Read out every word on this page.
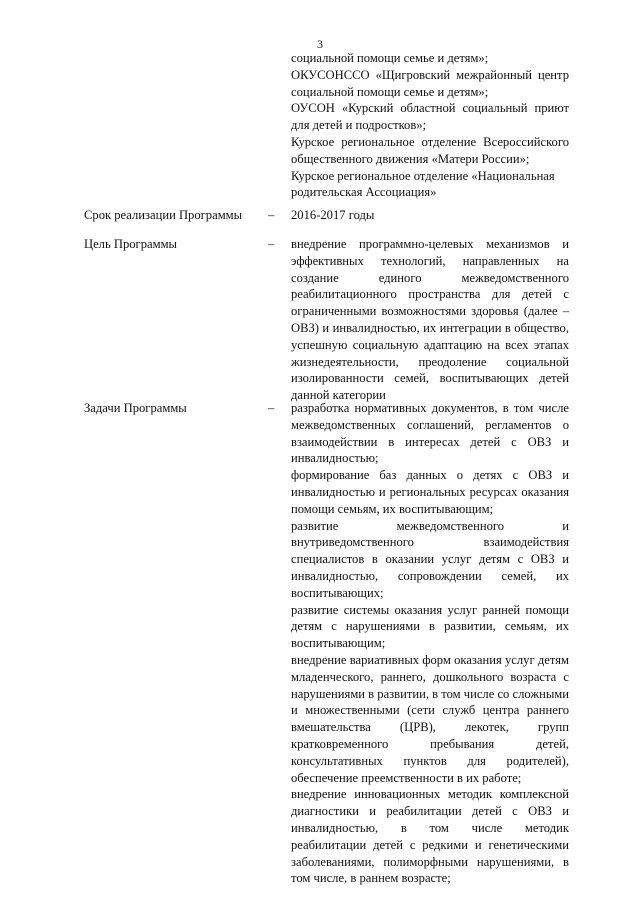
3

социальной помощи семье и детям»;

ОКУСОНССО «Щигровский межрайонный центр социальной помощи семье и детям»;

ОУСОН «Курский областной социальный приют для детей и подростков»;

Курское региональное отделение Всероссийского общественного движения «Матери России»;

Курское региональное отделение «Национальная родительская Ассоциация»

Срок реализации Программы – 2016-2017 годы

Цель Программы	– внедрение программно-целевых механизмов и эффективных технологий, направленных на создание единого межведомственного реабилитационного пространства для детей с ограниченными возможностями здоровья (далее – ОВЗ) и инвалидностью, их интеграции в общество, успешную социальную адаптацию на всех этапах жизнедеятельности, преодоление социальной изолированности семей, воспитывающих детей данной категории

Задачи Программы	– разработка нормативных документов, в том числе межведомственных соглашений, регламентов о взаимодействии в интересах детей с ОВЗ и инвалидностью;

формирование баз данных о детях с ОВЗ и инвалидностью и региональных ресурсах оказания помощи семьям, их воспитывающим;

развитие межведомственного и внутриведомственного взаимодействия специалистов в оказании услуг детям с ОВЗ и инвалидностью, сопровождении семей, их воспитывающих;

развитие системы оказания услуг ранней помощи детям с нарушениями в развитии, семьям, их воспитывающим;

внедрение вариативных форм оказания услуг детям младенческого, раннего, дошкольного возраста с нарушениями в развитии, в том числе со сложными и множественными (сети служб центра раннего вмешательства (ЦРВ), лекотек, групп кратковременного пребывания детей, консультативных пунктов для родителей), обеспечение преемственности в их работе;

внедрение инновационных методик комплексной диагностики и реабилитации детей с ОВЗ и инвалидностью, в том числе методик реабилитации детей с редкими и генетическими заболеваниями, полиморфными нарушениями, в том числе, в раннем возрасте;
